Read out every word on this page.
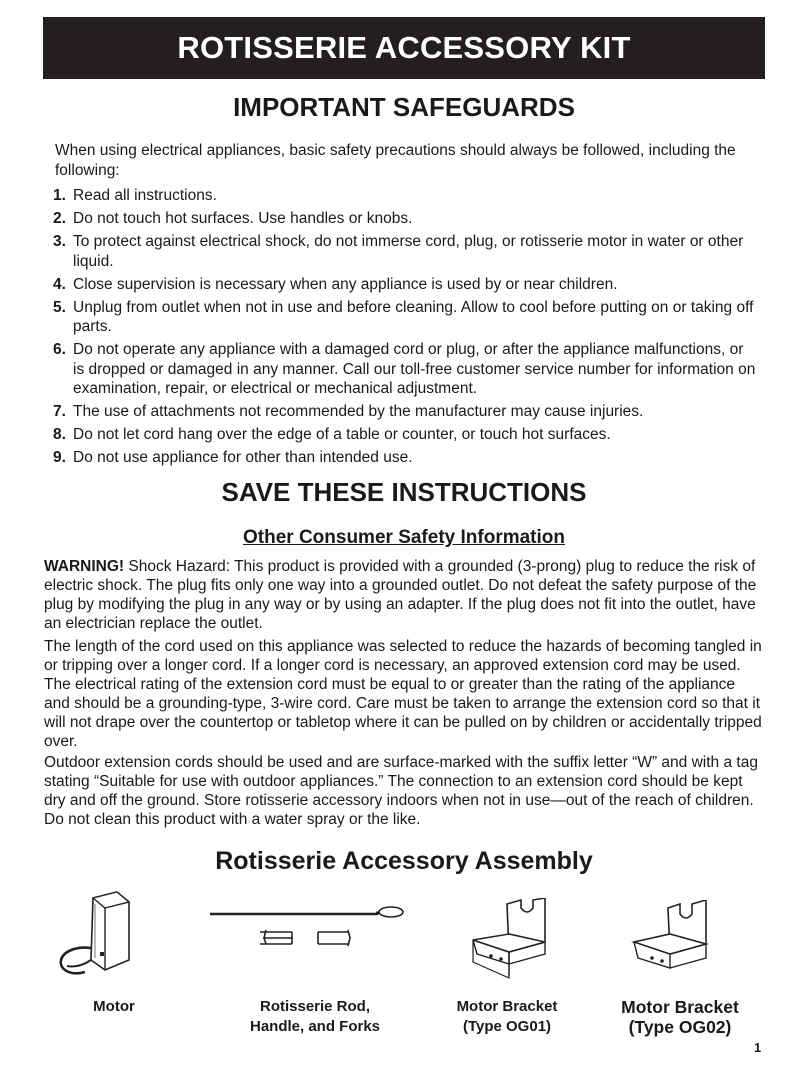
ROTISSERIE ACCESSORY KIT
IMPORTANT SAFEGUARDS
When using electrical appliances, basic safety precautions should always be followed, including the following:
1. Read all instructions.
2. Do not touch hot surfaces. Use handles or knobs.
3. To protect against electrical shock, do not immerse cord, plug, or rotisserie motor in water or other liquid.
4. Close supervision is necessary when any appliance is used by or near children.
5. Unplug from outlet when not in use and before cleaning. Allow to cool before putting on or taking off parts.
6. Do not operate any appliance with a damaged cord or plug, or after the appliance malfunctions, or is dropped or damaged in any manner. Call our toll-free customer service number for information on examination, repair, or electrical or mechanical adjustment.
7. The use of attachments not recommended by the manufacturer may cause injuries.
8. Do not let cord hang over the edge of a table or counter, or touch hot surfaces.
9. Do not use appliance for other than intended use.
SAVE THESE INSTRUCTIONS
Other Consumer Safety Information
WARNING! Shock Hazard: This product is provided with a grounded (3-prong) plug to reduce the risk of electric shock. The plug fits only one way into a grounded outlet. Do not defeat the safety purpose of the plug by modifying the plug in any way or by using an adapter. If the plug does not fit into the outlet, have an electrician replace the outlet.
The length of the cord used on this appliance was selected to reduce the hazards of becoming tangled in or tripping over a longer cord. If a longer cord is necessary, an approved extension cord may be used. The electrical rating of the extension cord must be equal to or greater than the rating of the appliance and should be a grounding-type, 3-wire cord. Care must be taken to arrange the extension cord so that it will not drape over the countertop or tabletop where it can be pulled on by children or accidentally tripped over.
Outdoor extension cords should be used and are surface-marked with the suffix letter “W” and with a tag stating “Suitable for use with outdoor appliances.” The connection to an extension cord should be kept dry and off the ground. Store rotisserie accessory indoors when not in use—out of the reach of children. Do not clean this product with a water spray or the like.
Rotisserie Accessory Assembly
Motor	Rotisserie Rod,
Handle, and Forks
Motor Bracket
(Type OG01)
Motor Bracket
(Type OG02)
1
